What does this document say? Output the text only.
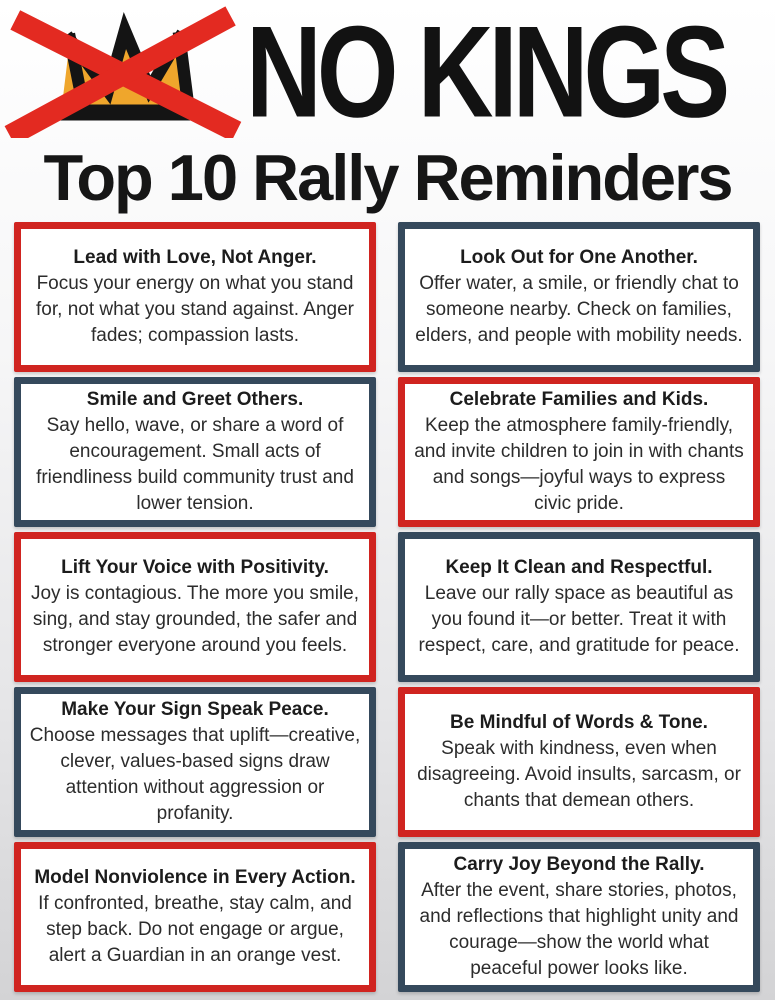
NO KINGS
Top 10 Rally Reminders
Lead with Love, Not Anger.

Focus your energy on what you stand for, not what you stand against. Anger fades; compassion lasts.

Look Out for One Another.

Offer water, a smile, or friendly chat to someone nearby. Check on families, elders, and people with mobility needs.

Smile and Greet Others.

Say hello, wave, or share a word of encouragement. Small acts of friendliness build community trust and lower tension.

Celebrate Families and Kids.

Keep the atmosphere family-friendly, and invite children to join in with chants and songs—joyful ways to express civic pride.

Lift Your Voice with Positivity.

Joy is contagious. The more you smile, sing, and stay grounded, the safer and stronger everyone around you feels.

Keep It Clean and Respectful.

Leave our rally space as beautiful as you found it—or better. Treat it with respect, care, and gratitude for peace.

Make Your Sign Speak Peace.

Choose messages that uplift—creative, clever, values-based signs draw attention without aggression or profanity.

Be Mindful of Words & Tone.

Speak with kindness, even when disagreeing. Avoid insults, sarcasm, or chants that demean others.

Model Nonviolence in Every Action.

If confronted, breathe, stay calm, and step back. Do not engage or argue, alert a Guardian in an orange vest.

Carry Joy Beyond the Rally.

After the event, share stories, photos, and reflections that highlight unity and courage—show the world what peaceful power looks like.
